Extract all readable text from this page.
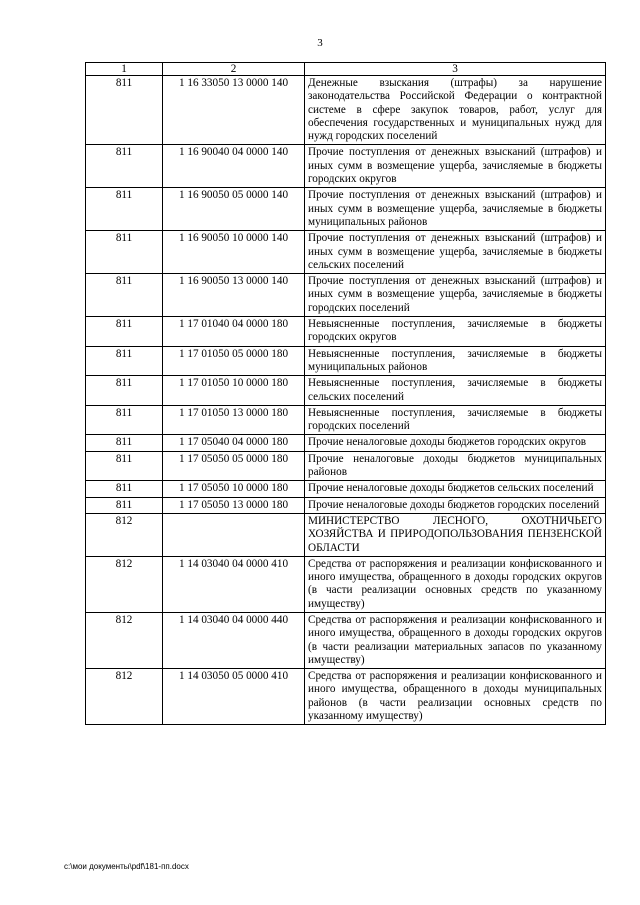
3
1	2	3
811	1 16 33050 13 0000 140	Денежные взыскания (штрафы) за нарушение законодательства Российской Федерации о контрактной системе в сфере закупок товаров, работ, услуг для обеспечения государственных и муниципальных нужд для нужд городских поселений
811	1 16 90040 04 0000 140	Прочие поступления от денежных взысканий (штрафов) и иных сумм в возмещение ущерба, зачисляемые в бюджеты городских округов
811	1 16 90050 05 0000 140	Прочие поступления от денежных взысканий (штрафов) и иных сумм в возмещение ущерба, зачисляемые в бюджеты муниципальных районов
811	1 16 90050 10 0000 140	Прочие поступления от денежных взысканий (штрафов) и иных сумм в возмещение ущерба, зачисляемые в бюджеты сельских поселений
811	1 16 90050 13 0000 140	Прочие поступления от денежных взысканий (штрафов) и иных сумм в возмещение ущерба, зачисляемые в бюджеты городских поселений
811	1 17 01040 04 0000 180	Невыясненные поступления, зачисляемые в бюджеты городских округов
811	1 17 01050 05 0000 180	Невыясненные поступления, зачисляемые в бюджеты муниципальных районов
811	1 17 01050 10 0000 180	Невыясненные поступления, зачисляемые в бюджеты сельских поселений
811	1 17 01050 13 0000 180	Невыясненные поступления, зачисляемые в бюджеты городских поселений
811	1 17 05040 04 0000 180	Прочие неналоговые доходы бюджетов городских округов
811	1 17 05050 05 0000 180	Прочие неналоговые доходы бюджетов муниципальных районов
811	1 17 05050 10 0000 180	Прочие неналоговые доходы бюджетов сельских поселений
811	1 17 05050 13 0000 180	Прочие неналоговые доходы бюджетов городских поселений
812		МИНИСТЕРСТВО ЛЕСНОГО, ОХОТНИЧЬЕГО ХОЗЯЙСТВА И ПРИРОДОПОЛЬЗОВАНИЯ ПЕНЗЕНСКОЙ ОБЛАСТИ
812	1 14 03040 04 0000 410	Средства от распоряжения и реализации конфискованного и иного имущества, обращенного в доходы городских округов (в части реализации основных средств по указанному имуществу)
812	1 14 03040 04 0000 440	Средства от распоряжения и реализации конфискованного и иного имущества, обращенного в доходы городских округов (в части реализации материальных запасов по указанному имуществу)
812	1 14 03050 05 0000 410	Средства от распоряжения и реализации конфискованного и иного имущества, обращенного в доходы муниципальных районов (в части реализации основных средств по указанному имуществу)
c:\мои документы\pdf\181-пп.docx
